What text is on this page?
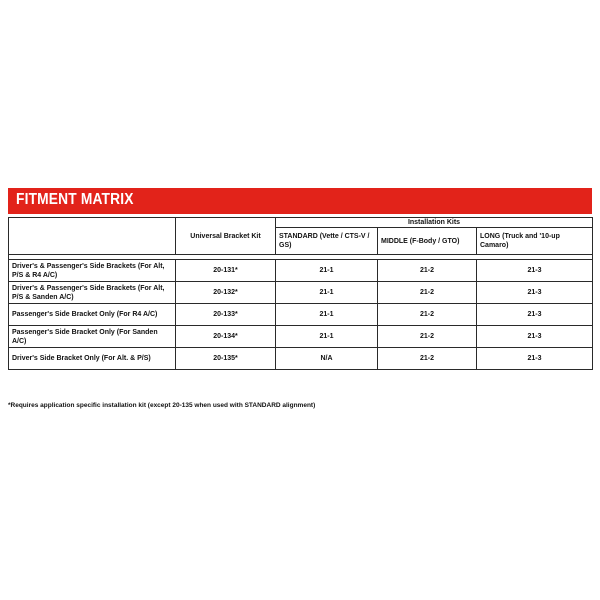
FITMENT MATRIX
	Universal Bracket Kit	Installation Kits		
		STANDARD (Vette / CTS-V / GS)	MIDDLE (F-Body / GTO)	LONG (Truck and '10-up Camaro)

Driver's & Passenger's Side Brackets (For Alt, P/S & R4 A/C)	20-131*	21-1	21-2	21-3
Driver's & Passenger's Side Brackets (For Alt, P/S & Sanden A/C)	20-132*	21-1	21-2	21-3
Passenger's Side Bracket Only (For R4 A/C)	20-133*	21-1	21-2	21-3
Passenger's Side Bracket Only (For Sanden A/C)	20-134*	21-1	21-2	21-3
Driver's Side Bracket Only (For Alt. & P/S)	20-135*	N/A	21-2	21-3
*Requires application specific installation kit (except 20-135 when used with STANDARD alignment)
